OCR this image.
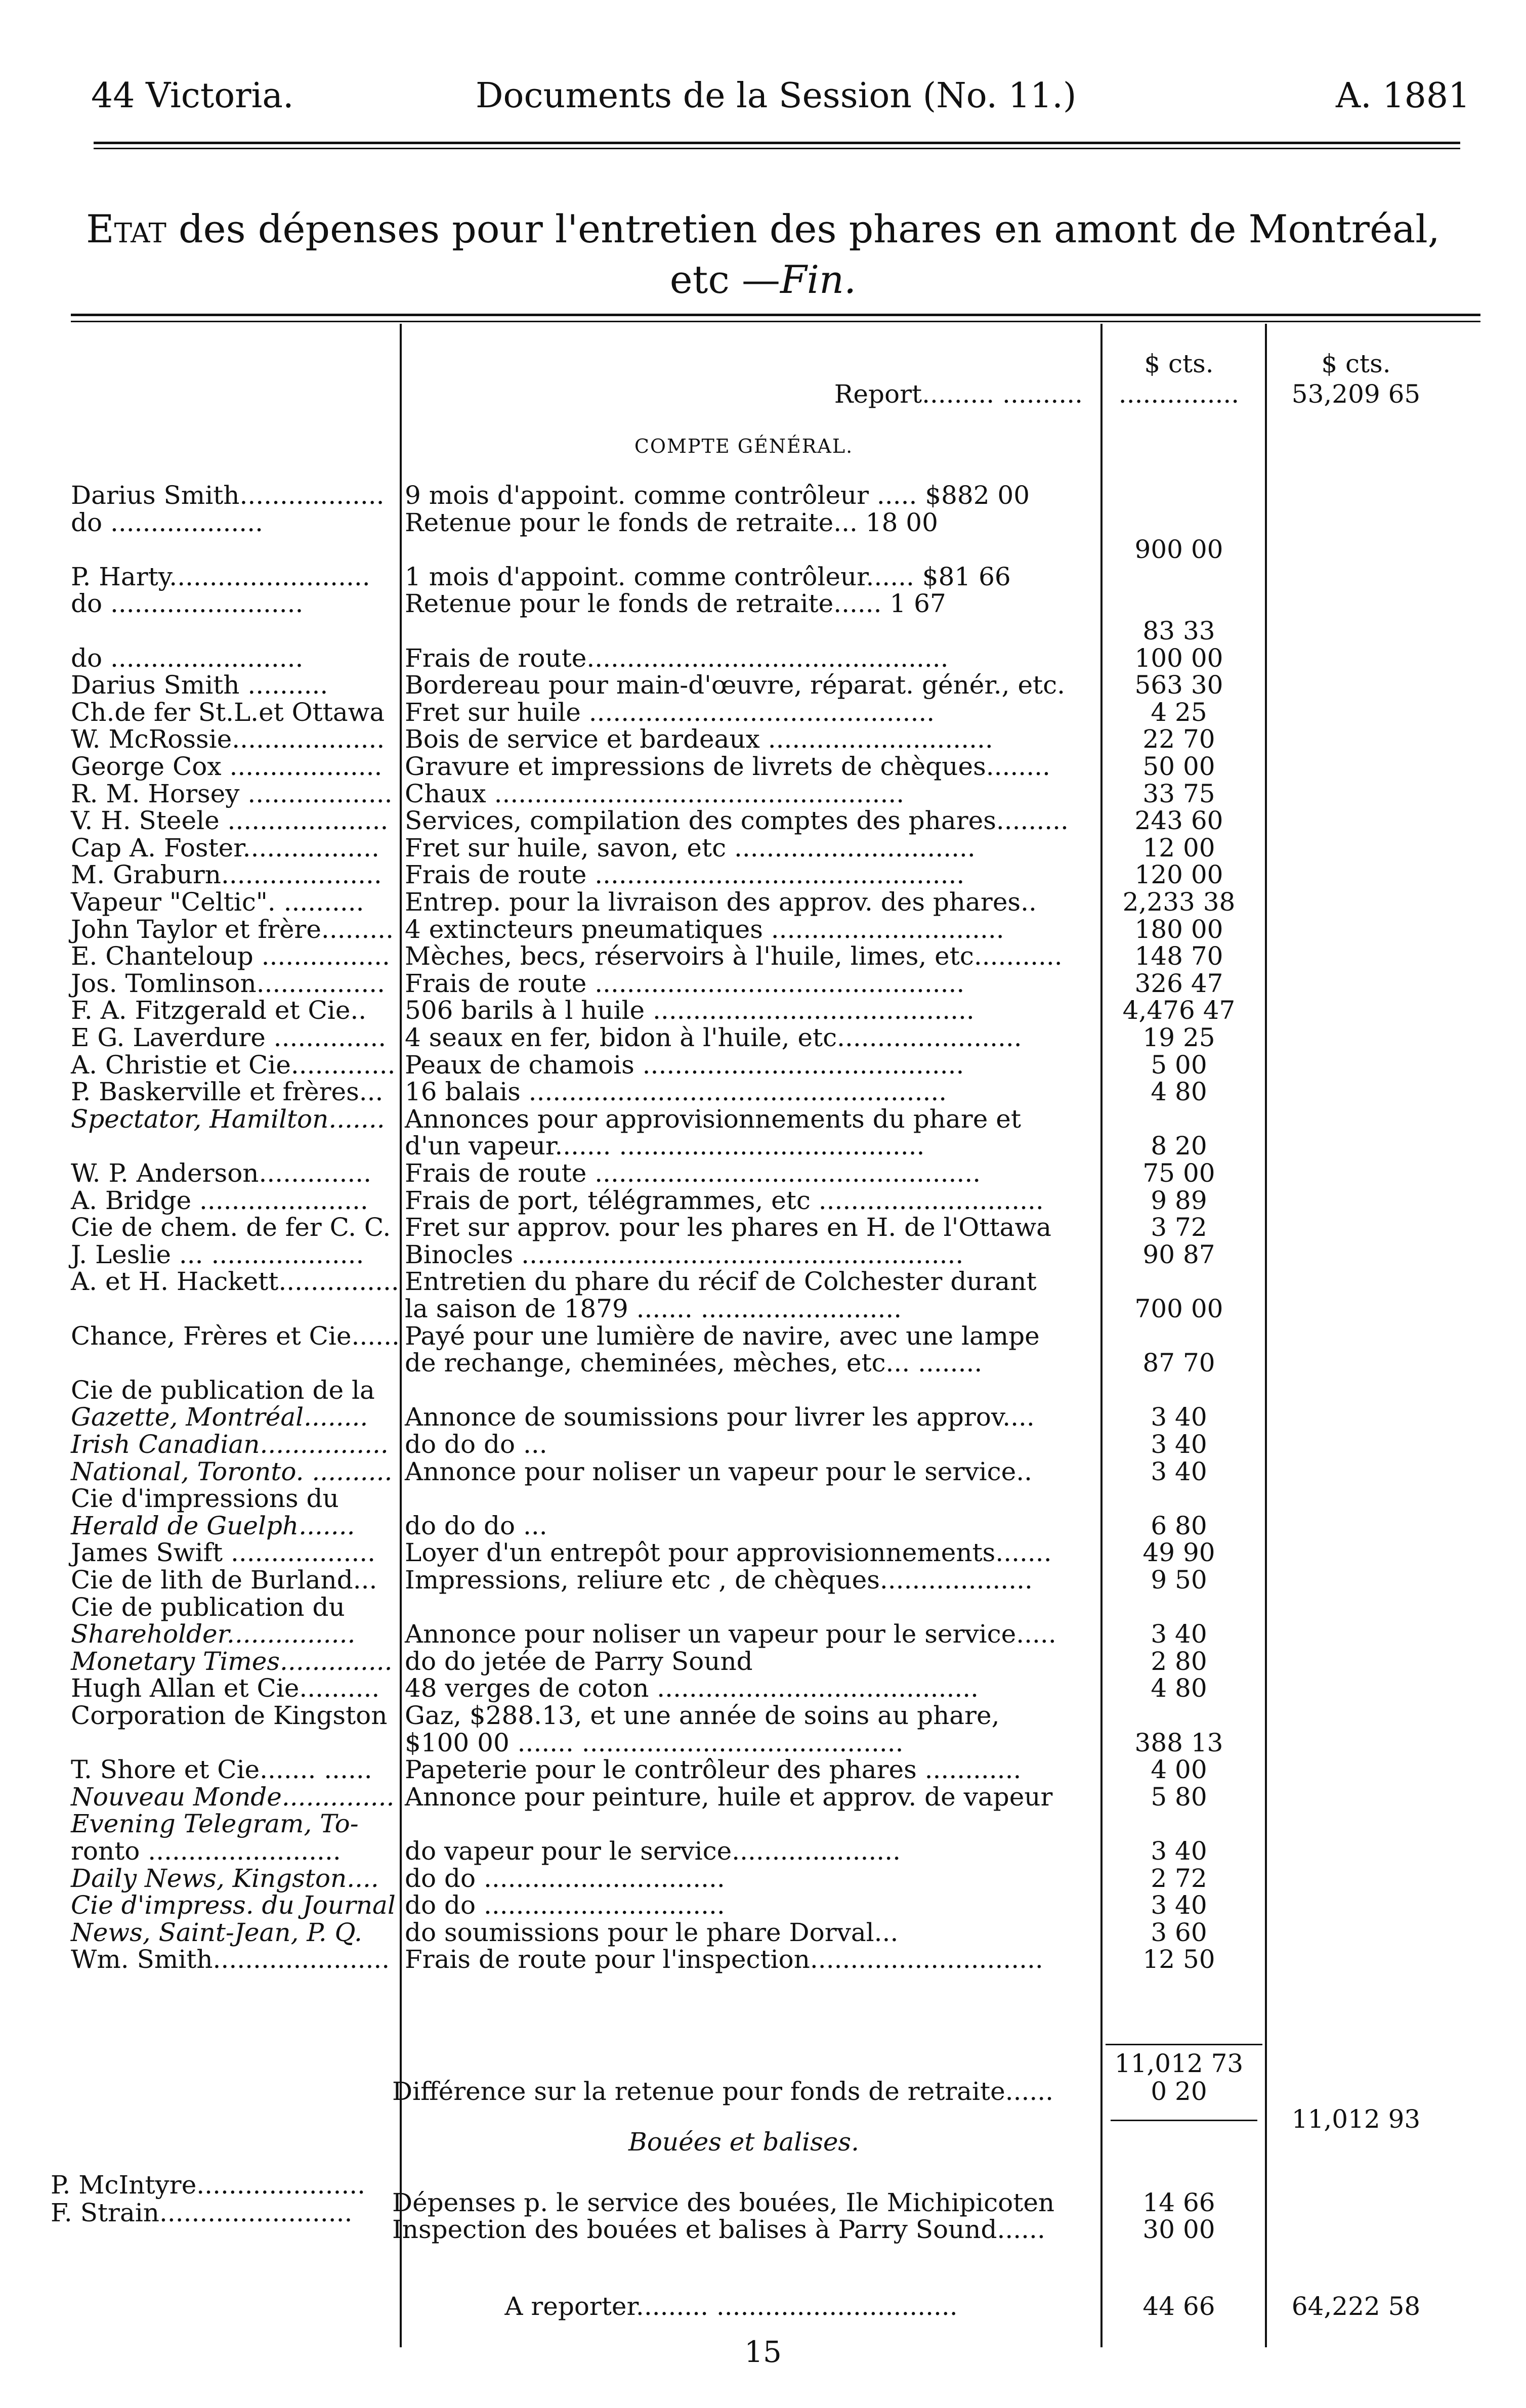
44 Victoria.	Documents de la Session (No. 11.)	A. 1881
Etat des dépenses pour l'entretien des phares en amont de Montréal,
etc —Fin.
$ cts.	$ cts.
Report......... ..........	...............	53,209 65
COMPTE GÉNÉRAL.
Darius Smith.................. 9 mois d'appoint. comme contrôleur ..... $882 00
do ...................	Retenue pour le fonds de retraite... 18 00
900 00
P. Harty.........................	1 mois d'appoint. comme contrôleur...... $81 66
do ........................	Retenue pour le fonds de retraite...... 1 67
83 33
do ........................	Frais de route.............................................	100 00
Darius Smith ..........	Bordereau pour main-d'œuvre, réparat. génér., etc.	563 30
Ch.de fer St.L.et Ottawa Fret sur huile ...........................................	4 25
W. McRossie................... Bois de service et bardeaux ............................	22 70
George Cox ................... Gravure et impressions de livrets de chèques........	50 00
R. M. Horsey .................. Chaux ...................................................	33 75
V. H. Steele .................... Services, compilation des comptes des phares.........	243 60
Cap A. Foster.................	Fret sur huile, savon, etc ..............................	12 00
M. Graburn.................... Frais de route ..............................................	120 00
Vapeur "Celtic". ..........	Entrep. pour la livraison des approv. des phares..	2,233 38
John Taylor et frère......... 4 extincteurs pneumatiques .............................	180 00
E. Chanteloup ................ Mèches, becs, réservoirs à l'huile, limes, etc...........	148 70
Jos. Tomlinson................ Frais de route ..............................................	326 47
F. A. Fitzgerald et Cie..	506 barils à l huile ........................................	4,476 47
E G. Laverdure .............. 4 seaux en fer, bidon à l'huile, etc.......................	19 25
A. Christie et Cie............. Peaux de chamois ........................................	5 00
P. Baskerville et frères... 16 balais ....................................................	4 80
Spectator, Hamilton....... Annonces pour approvisionnements du phare et
d'un vapeur....... ......................................	8 20
W. P. Anderson..............	Frais de route ................................................	75 00
A. Bridge .....................	Frais de port, télégrammes, etc ............................	9 89
Cie de chem. de fer C. C. Fret sur approv. pour les phares en H. de l'Ottawa	3 72
J. Leslie ... ...................	Binocles .......................................................	90 87
A. et H. Hackett............... Entretien du phare du récif de Colchester durant
la saison de 1879 ....... .........................	700 00
Chance, Frères et Cie...... Payé pour une lumière de navire, avec une lampe
de rechange, cheminées, mèches, etc... ........	87 70
Cie de publication de la
Gazette, Montréal........	Annonce de soumissions pour livrer les approv....	3 40
Irish Canadian................ do do do ...	3 40
National, Toronto. .......... Annonce pour noliser un vapeur pour le service..	3 40
Cie d'impressions du
Herald de Guelph.......	do do do ...	6 80
James Swift ..................	Loyer d'un entrepôt pour approvisionnements.......	49 90
Cie de lith de Burland...	Impressions, reliure etc , de chèques...................	9 50
Cie de publication du
Shareholder................	Annonce pour noliser un vapeur pour le service.....	3 40
Monetary Times.............. do do jetée de Parry Sound	2 80
Hugh Allan et Cie.......... 48 verges de coton ........................................	4 80
Corporation de Kingston Gaz, $288.13, et une année de soins au phare,
$100 00 ....... ........................................	388 13
T. Shore et Cie....... ......	Papeterie pour le contrôleur des phares ............	4 00
Nouveau Monde.............. Annonce pour peinture, huile et approv. de vapeur	5 80
Evening Telegram, To-
ronto ........................	do vapeur pour le service.....................	3 40
Daily News, Kingston....	do do ..............................	2 72
Cie d'impress. du Journal do do ..............................	3 40
News, Saint-Jean, P. Q.	do soumissions pour le phare Dorval...	3 60
Wm. Smith...................... Frais de route pour l'inspection.............................	12 50
11,012 73
Différence sur la retenue pour fonds de retraite......	0 20
11,012 93
Bouées et balises.
P. McIntyre.....................
Dépenses p. le service des bouées, Ile Michipicoten	14 66
F. Strain........................
Inspection des bouées et balises à Parry Sound......	30 00
A reporter......... ..............................	44 66	64,222 58
15
